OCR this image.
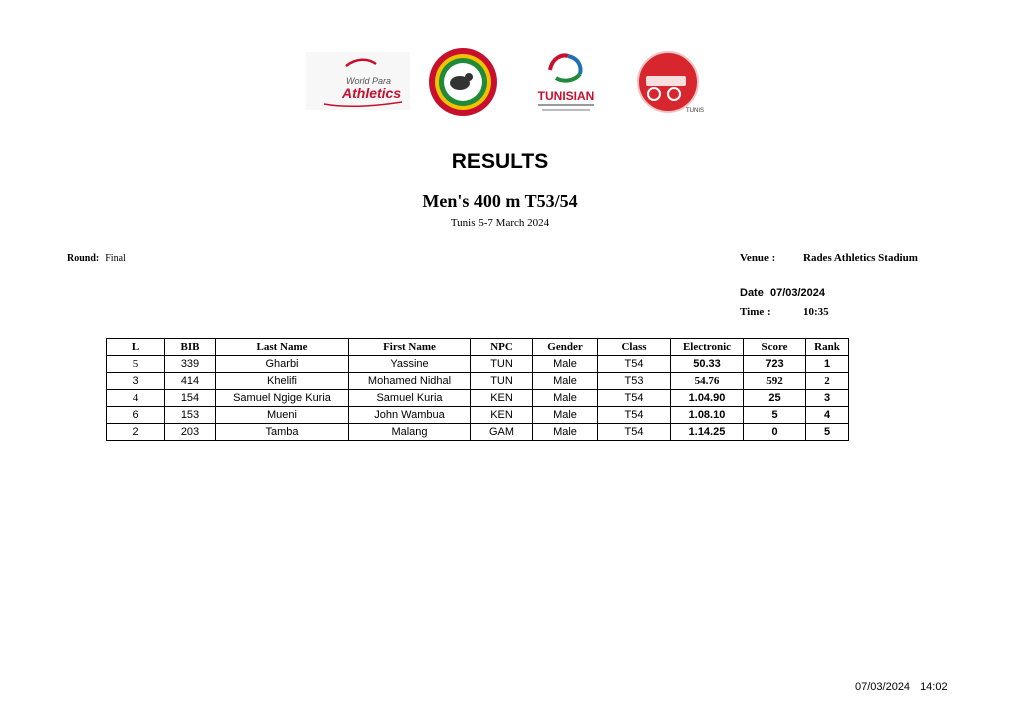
World Para
Athletics	TUNISIAN
TUNIS
RESULTS
Men's 400 m T53/54
Tunis 5-7 March 2024
Round: Final	Venue :	Rades Athletics Stadium
Date  07/03/2024
Time :	10:35
L	BIB	Last Name	First Name	NPC	Gender	Class	Electronic	Score	Rank
5	339	Gharbi	Yassine	TUN	Male	T54	50.33	723	1
3	414	Khelifi	Mohamed Nidhal	TUN	Male	T53	54.76	592	2
4	154	Samuel Ngige Kuria	Samuel Kuria	KEN	Male	T54	1.04.90	25	3
6	153	Mueni	John Wambua	KEN	Male	T54	1.08.10	5	4
2	203	Tamba	Malang	GAM	Male	T54	1.14.25	0	5
07/03/2024 14:02
